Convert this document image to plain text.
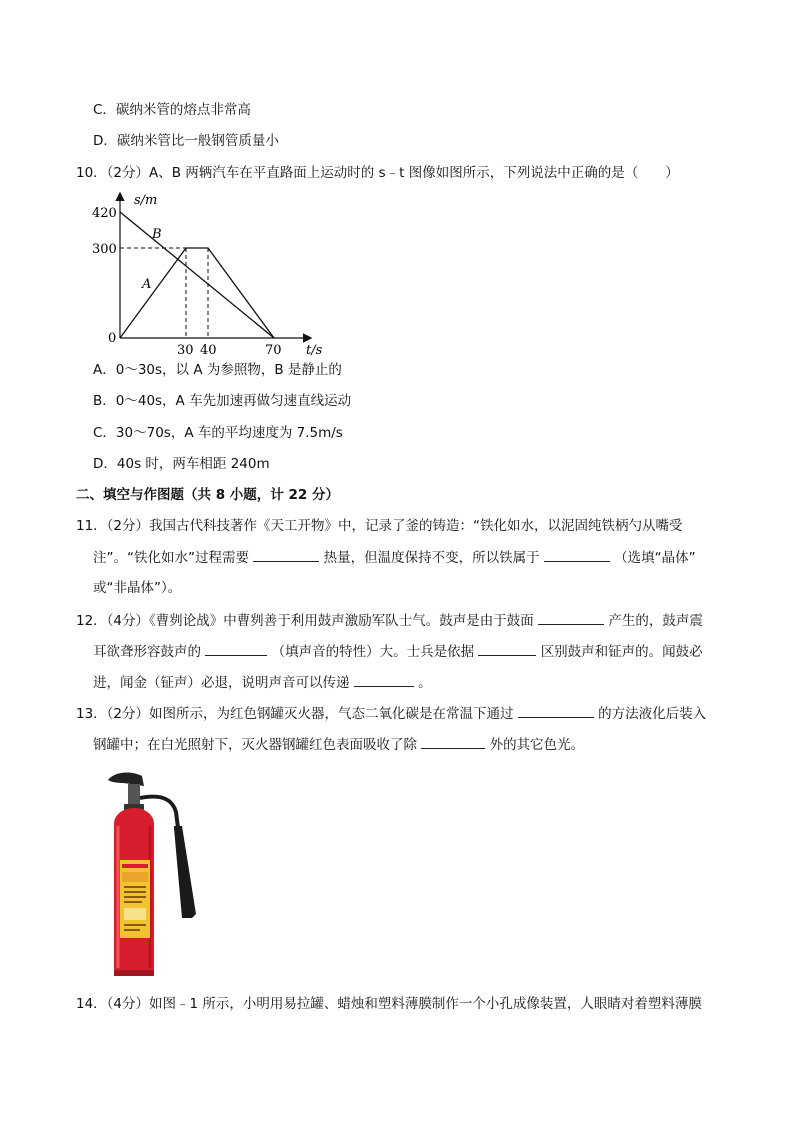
C．碳纳米管的熔点非常高
D．碳纳米管比一般钢管质量小
10．（2分）A、B 两辆汽车在平直路面上运动时的 s﹣t 图像如图所示，下列说法中正确的是（　　）
s/m
t/s
420
300
0
30 40	70
A
B
A．0～30s，以 A 为参照物，B 是静止的
B．0～40s，A 车先加速再做匀速直线运动
C．30～70s，A 车的平均速度为 7.5m/s
D．40s 时，两车相距 240m
二、填空与作图题（共 8 小题，计 22 分）
11．（2分）我国古代科技著作《天工开物》中，记录了釜的铸造：“铁化如水，以泥固纯铁柄勺从嘴受
注”。“铁化如水”过程需要	热量，但温度保持不变，所以铁属于	（选填“晶体”
或“非晶体”）。
12．（4分）《曹刿论战》中曹刿善于利用鼓声激励军队士气。鼓声是由于鼓面	产生的，鼓声震
耳欲聋形容鼓声的	（填声音的特性）大。士兵是依据	区别鼓声和钲声的。闻鼓必
进，闻金（钲声）必退，说明声音可以传递	。
13．（2分）如图所示，为红色钢罐灭火器，气态二氧化碳是在常温下通过	的方法液化后装入
钢罐中；在白光照射下，灭火器钢罐红色表面吸收了除	外的其它色光。
14．（4分）如图﹣1 所示，小明用易拉罐、蜡烛和塑料薄膜制作一个小孔成像装置，人眼睛对着塑料薄膜
